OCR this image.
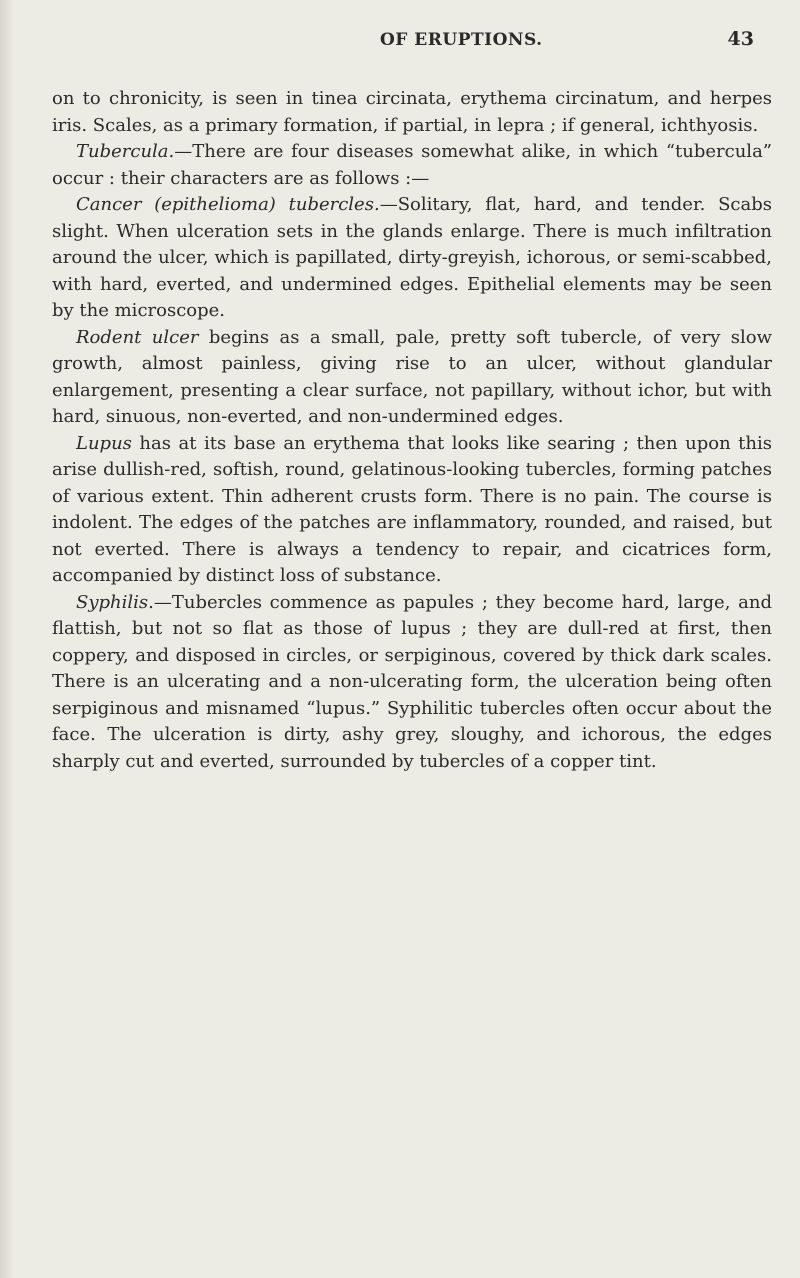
OF ERUPTIONS.	43

on to chronicity, is seen in tinea circinata, erythema circinatum, and herpes iris. Scales, as a primary formation, if partial, in lepra ; if general, ichthyosis.

Tubercula.—There are four diseases somewhat alike, in which “tubercula” occur : their characters are as follows :—

Cancer (epithelioma) tubercles.—Solitary, flat, hard, and tender. Scabs slight. When ulceration sets in the glands enlarge. There is much infiltration around the ulcer, which is papillated, dirty-greyish, ichorous, or semi-scabbed, with hard, everted, and undermined edges. Epithelial elements may be seen by the microscope.

Rodent ulcer begins as a small, pale, pretty soft tubercle, of very slow growth, almost painless, giving rise to an ulcer, without glandular enlargement, presenting a clear surface, not papillary, without ichor, but with hard, sinuous, non-everted, and non-undermined edges.

Lupus has at its base an erythema that looks like searing ; then upon this arise dullish-red, softish, round, gelatinous-looking tubercles, forming patches of various extent. Thin adherent crusts form. There is no pain. The course is indolent. The edges of the patches are inflammatory, rounded, and raised, but not everted. There is always a tendency to repair, and cicatrices form, accompanied by distinct loss of substance.

Syphilis.—Tubercles commence as papules ; they become hard, large, and flattish, but not so flat as those of lupus ; they are dull-red at first, then coppery, and disposed in circles, or serpiginous, covered by thick dark scales. There is an ulcerating and a non-ulcerating form, the ulceration being often serpiginous and misnamed “lupus.” Syphilitic tubercles often occur about the face. The ulceration is dirty, ashy grey, sloughy, and ichorous, the edges sharply cut and everted, surrounded by tubercles of a copper tint.
